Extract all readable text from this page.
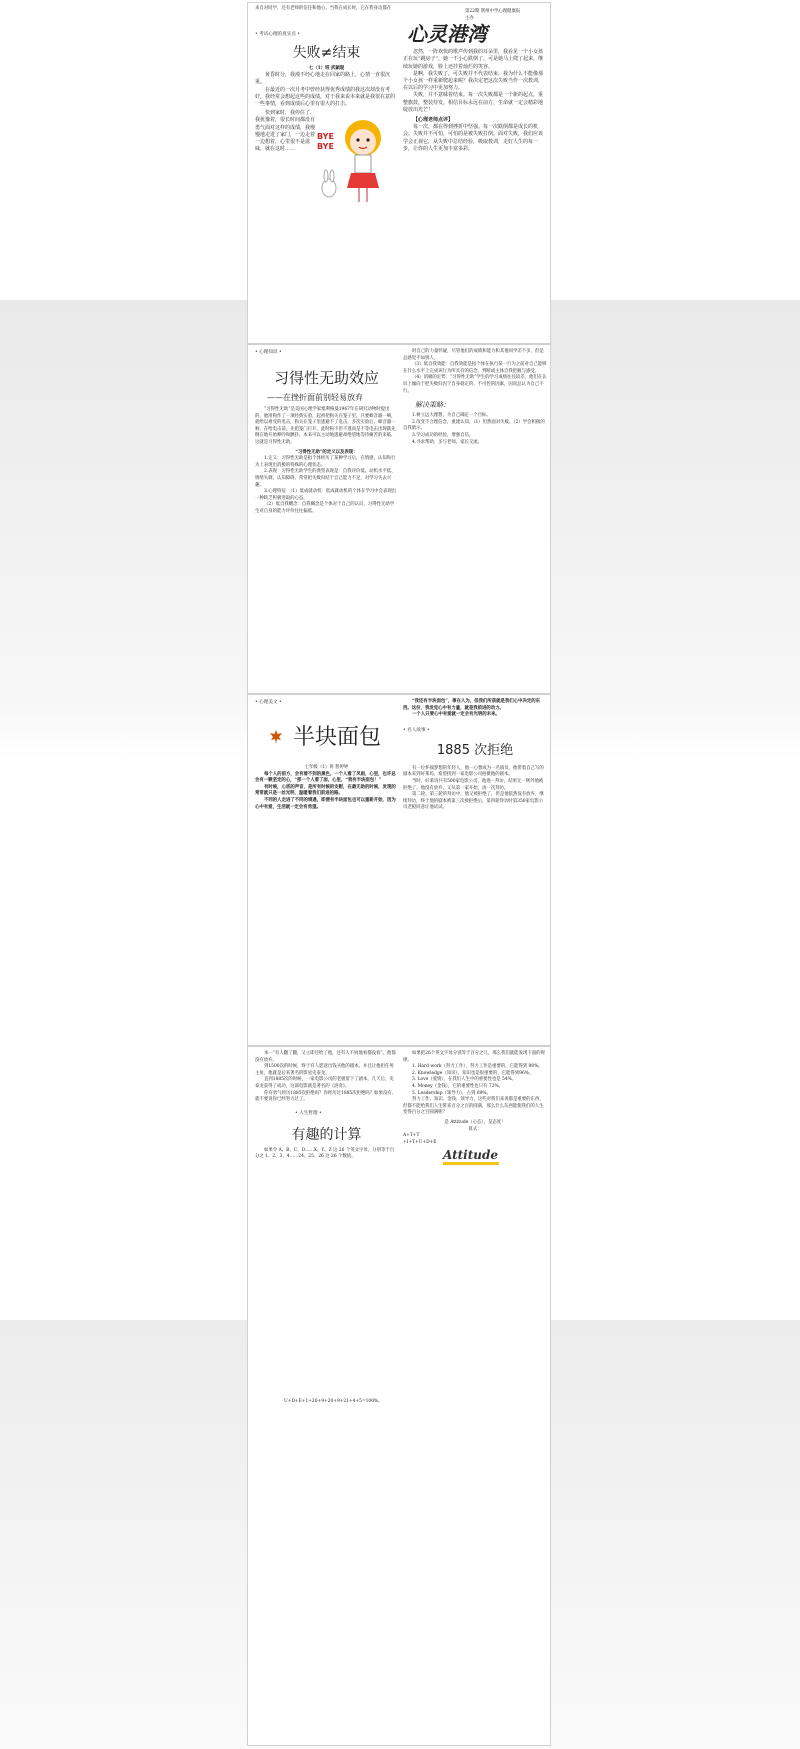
来自对同学，还有老师的信任和他心。当我在成长时，它在我身边都在

• 考试心理的真实点 •

失败≠结束

七（1）班 武颖琨

黄昏时分，我漫不经心地走在回家的路上，心情一直很沉重。

在最近的一次月考中曾经获得优秀成绩的我这次却没有考好，我经常会想起这些的成绩，对于我来说本来就是我很在意的一些事情，看到成绩后心里有很大的打击。

快到家时，我停住了，我犹豫着，很长时间都没有勇气面对这样的成绩，我慢慢地走进了家门，一边走着一边想着，心里很不是滋味，就在这时……

BYE BYE

第22期 荆州中学心理健康报 主办

心灵港湾

忽然，一阵欢快的歌声传到我的耳朵里，我看见一个小女孩正在玩“跳房子”，她一不小心跌倒了，可是她马上爬了起来，继续玩她的游戏，脸上还挂着灿烂的笑容。

是啊，我失败了，可失败并不代表结束，我为什么不能像那个小女孩一样重新爬起来呢？我决定把这次失败当作一次教训，在以后的学习中更加努力。

失败，并不意味着结束。每一次失败都是一个新的起点，重整旗鼓，整装待发，相信目标永远在前方，生命就一定会精彩地绽放出光芒！

【心理老师点评】

每一次，都在得到挫折中坚强。每一次跌倒都是成长的机会。失败并不可怕，可怕的是被失败打倒。面对失败，我们应该学会正视它，从失败中总结经验，吸取教训，走好人生的每一步，让你的人生更加丰富多彩。

• 心理知识 •

习得性无助效应

——在挫折面前别轻易放弃

“习得性无助”是美国心理学家塞利格曼1967年在研究动物时提出的，他用狗作了一项经典实验，起初把狗关在笼子里，只要蜂音器一响，就给以难受的电击，狗关在笼子里逃避不了电击，多次实验后，蜂音器一响，在给电击前，先把笼门打开，此时狗不但不逃而是不等电击出现就先倒在地开始呻吟和颤抖，本来可以主动地逃避却绝望地等待痛苦的来临，这就是习得性无助。

“习得性无助”的定义以及表现：

1.定义：习得性无助是指个体经历了某种学习后，在情感、认知和行为上表现出消极的特殊的心理状态。

2.表现：习得性无助学生的典型表现是：自我评价低、动机水平低、情绪失调、认知障碍，常常把失败归结于自己能力不足，对学习失去兴趣。

3.心理特征：（1）低成就动机：低成就动机的个体在学习中会表现出一种缺乏积极进取的心态。

（2）低自我概念：自我概念是个体对于自己的认识，习得性无助学生对自身的能力评价往往偏低。

时自己的力量怀疑，尽管他们的成绩和能力和其他同学差不多，但是总感觉不如别人。

（3）低自我效能：自我效能是指个体在执行某一行为之前对自己能够在什么水平上完成该行为所具有的信念，判断或主体自我把握与感受。

（4）消极的定势：“习得性无助”学生的学习成绩往往较差，他们在认识上倾向于把失败归因于自身稳定的、不可控的因素，因而总认为自己不行。

解决策略：

1.树立远大理想，为自己确定一个目标。

2.改变不合理信念，重建认知。（1）坦然面对失败。（2）学会积极的自我暗示。

3.学习成功的经验，增强自信。

4.寻求帮助，多与老师、家长交流。

• 心理美文 •

半块面包

七年级（1）班 程婷婷

每个人的前方，会有看不到的黑色，一个人看了风雨，心里，也许总会有一颗坚定的心，“那一个人看了面，心里，“我有半块面包！”

有时候，心底的声音，是所有时候的安慰，在最无助的时候，发现的常常就只是一丝光明，温暖着我们前进的路。

不同的人走进了不同的境遇，即便有半块面包也可以重新开始，因为心中有爱，生活就一定会有希望。

“我还有半块面包”，事在人为，但我们所获就是我们心中决定的东西。这份，我发觉心中有力量，就是我前进的动力。

一个人只要心中有爱就一定会有光明的未来。

• 名人故事 •

1885 次拒绝

有一位怀揣梦想的年轻人，他一心想成为一名演员，他带着自己写的剧本来到好莱坞，希望找到一家电影公司拍摄他的剧本。

当时，好莱坞共有500家电影公司，他逐一拜访，结果无一例外地被拒绝了。他没有放弃，又从第一家开始，再一次拜访。

第二轮、第三轮的拜访中，他又被拒绝了，但是他依然没有放弃，继续拜访，终于他的剧本被第三次被拒绝后，第四轮拜访时第350家电影公司老板同意让他试试。

本一“有人翻了翻，又立即还给了他，还有人不屑地看都没看”。他都没有放弃。

到1500次的时候，终于有人愿意出钱买他的剧本，并且让他担任男主角，他就是后来著名的影星史泰龙。

直到1885次的时候，一家电影公司的老板留下了剧本，几天后，史泰龙获得了成功，这部电影就是著名的《洛奇》。

你有勇气经历1885次拒绝吗？你经历过1885次拒绝吗？如果没有，就不要说你已经努力过了。

• 人生哲理 •

有趣的计算

如果令 A、B、C、D……X、Y、Z 这 26 个英文字母，分别等于百分之 1、2、3、4……24、25、26 这 26 个数值。

如果把26个英文字母分别等于百分之几，那么我们就能发现下面的规律。

1. Hard work（努力工作），努力工作是重要的，它能得到 98%。

2. Knowledge（知识），知识也是很重要的，它能得到96%。

3. Love（爱情），在我们人生中的重要性也是 54%。

4. Money（金钱），它的重要性也只有 72%。

5. Leadership（领导力），占到 89%。

努力工作、知识、金钱、领导力，这些对我们来说都是重要的东西，但都不能给我们人生带来百分之百的圆满，那么什么东西能使我们的人生变得百分之百圆满呢？

是 Attitude（心态），是态度！

算式：

A+T+T

+I+T+U+D+E

Attitude

U+D+E+1+20+9+20+9+21+4+5=100%。
